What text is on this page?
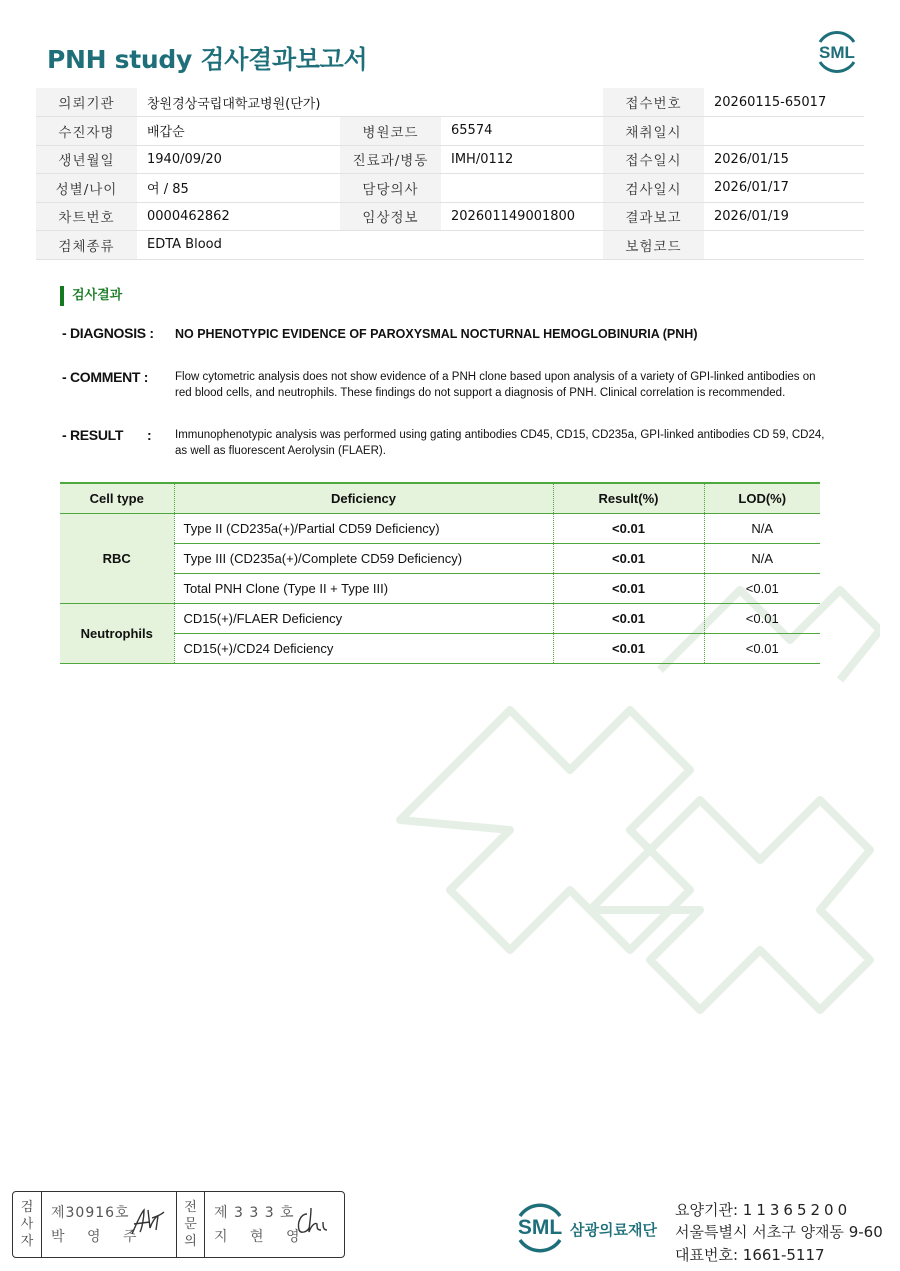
PNH study 검사결과보고서	SML
의뢰기관	창원경상국립대학교병원(단가)			접수번호	20260115-65017
수진자명	배갑순	병원코드	65574	채취일시	
생년월일	1940/09/20	진료과/병동	IMH/0112	접수일시	2026/01/15
성별/나이	여 / 85	담당의사		검사일시	2026/01/17
차트번호	0000462862	임상정보	202601149001800	결과보고	2026/01/19
검체종류	EDTA Blood			보험코드	
검사결과
- DIAGNOSIS : NO PHENOTYPIC EVIDENCE OF PAROXYSMAL NOCTURNAL HEMOGLOBINURIA (PNH)
- COMMENT : Flow cytometric analysis does not show evidence of a PNH clone based upon analysis of a variety of GPI-linked antibodies on red blood cells, and neutrophils. These findings do not support a diagnosis of PNH. Clinical correlation is recommended.
- RESULT : Immunophenotypic analysis was performed using gating antibodies CD45, CD15, CD235a, GPI-linked antibodies CD 59, CD24, as well as fluorescent Aerolysin (FLAER).
Cell type	Deficiency	Result(%)	LOD(%)
RBC	Type II (CD235a(+)/Partial CD59 Deficiency)	<0.01	N/A
	Type III (CD235a(+)/Complete CD59 Deficiency)	<0.01	N/A
	Total PNH Clone (Type II + Type III)	<0.01	<0.01
Neutrophils	CD15(+)/FLAER Deficiency	<0.01	<0.01
	CD15(+)/CD24 Deficiency	<0.01	<0.01
검
사
자
제30916호
박 영 주
전
문
의
제 3 3 3 호
지 현 영	SML 삼광의료재단
요양기관: 11365200
서울특별시 서초구 양재동 9-60
대표번호: 1661-5117
